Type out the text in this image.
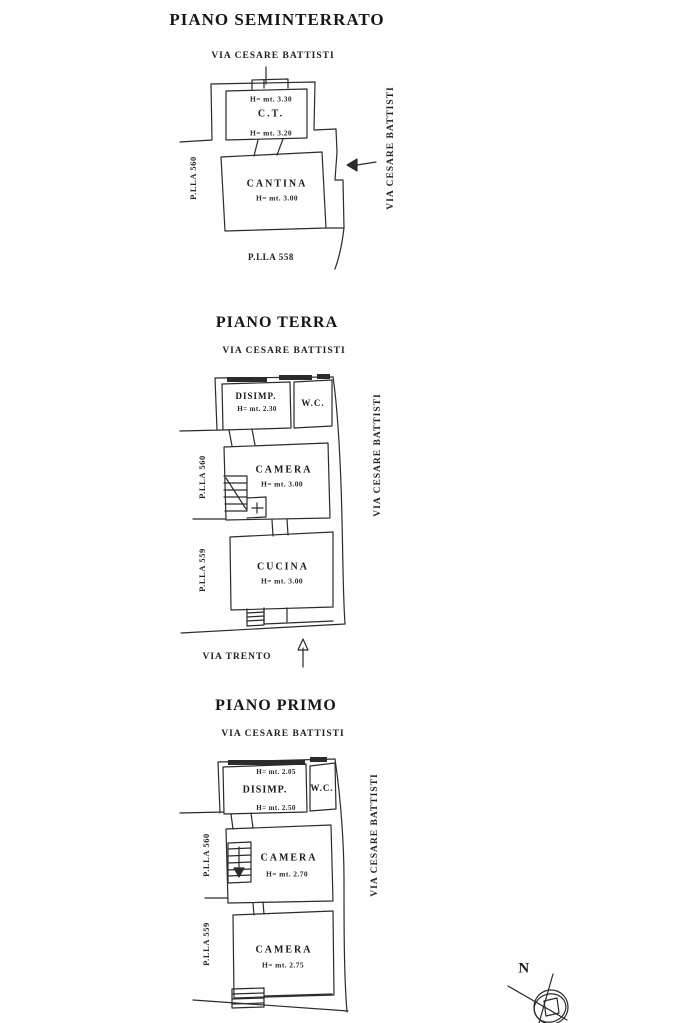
PIANO SEMINTERRATO
VIA CESARE BATTISTI
H= mt. 3.30
C.T.
H= mt. 3.20
CANTINA
H= mt. 3.00
P.LLA 560	VIA CESARE BATTISTI
P.LLA 558
PIANO TERRA
VIA CESARE BATTISTI
DISIMP.
H= mt. 2.30
W.C.
CAMERA
H= mt. 3.00
CUCINA
H= mt. 3.00
P.LLA 560
P.LLA 559
VIA CESARE BATTISTI
VIA TRENTO
PIANO PRIMO
VIA CESARE BATTISTI
H= mt. 2.05
DISIMP.
H= mt. 2.50
W.C.
CAMERA
H= mt. 2.70
CAMERA
H= mt. 2.75
P.LLA 560
P.LLA 559
VIA CESARE BATTISTI
N
